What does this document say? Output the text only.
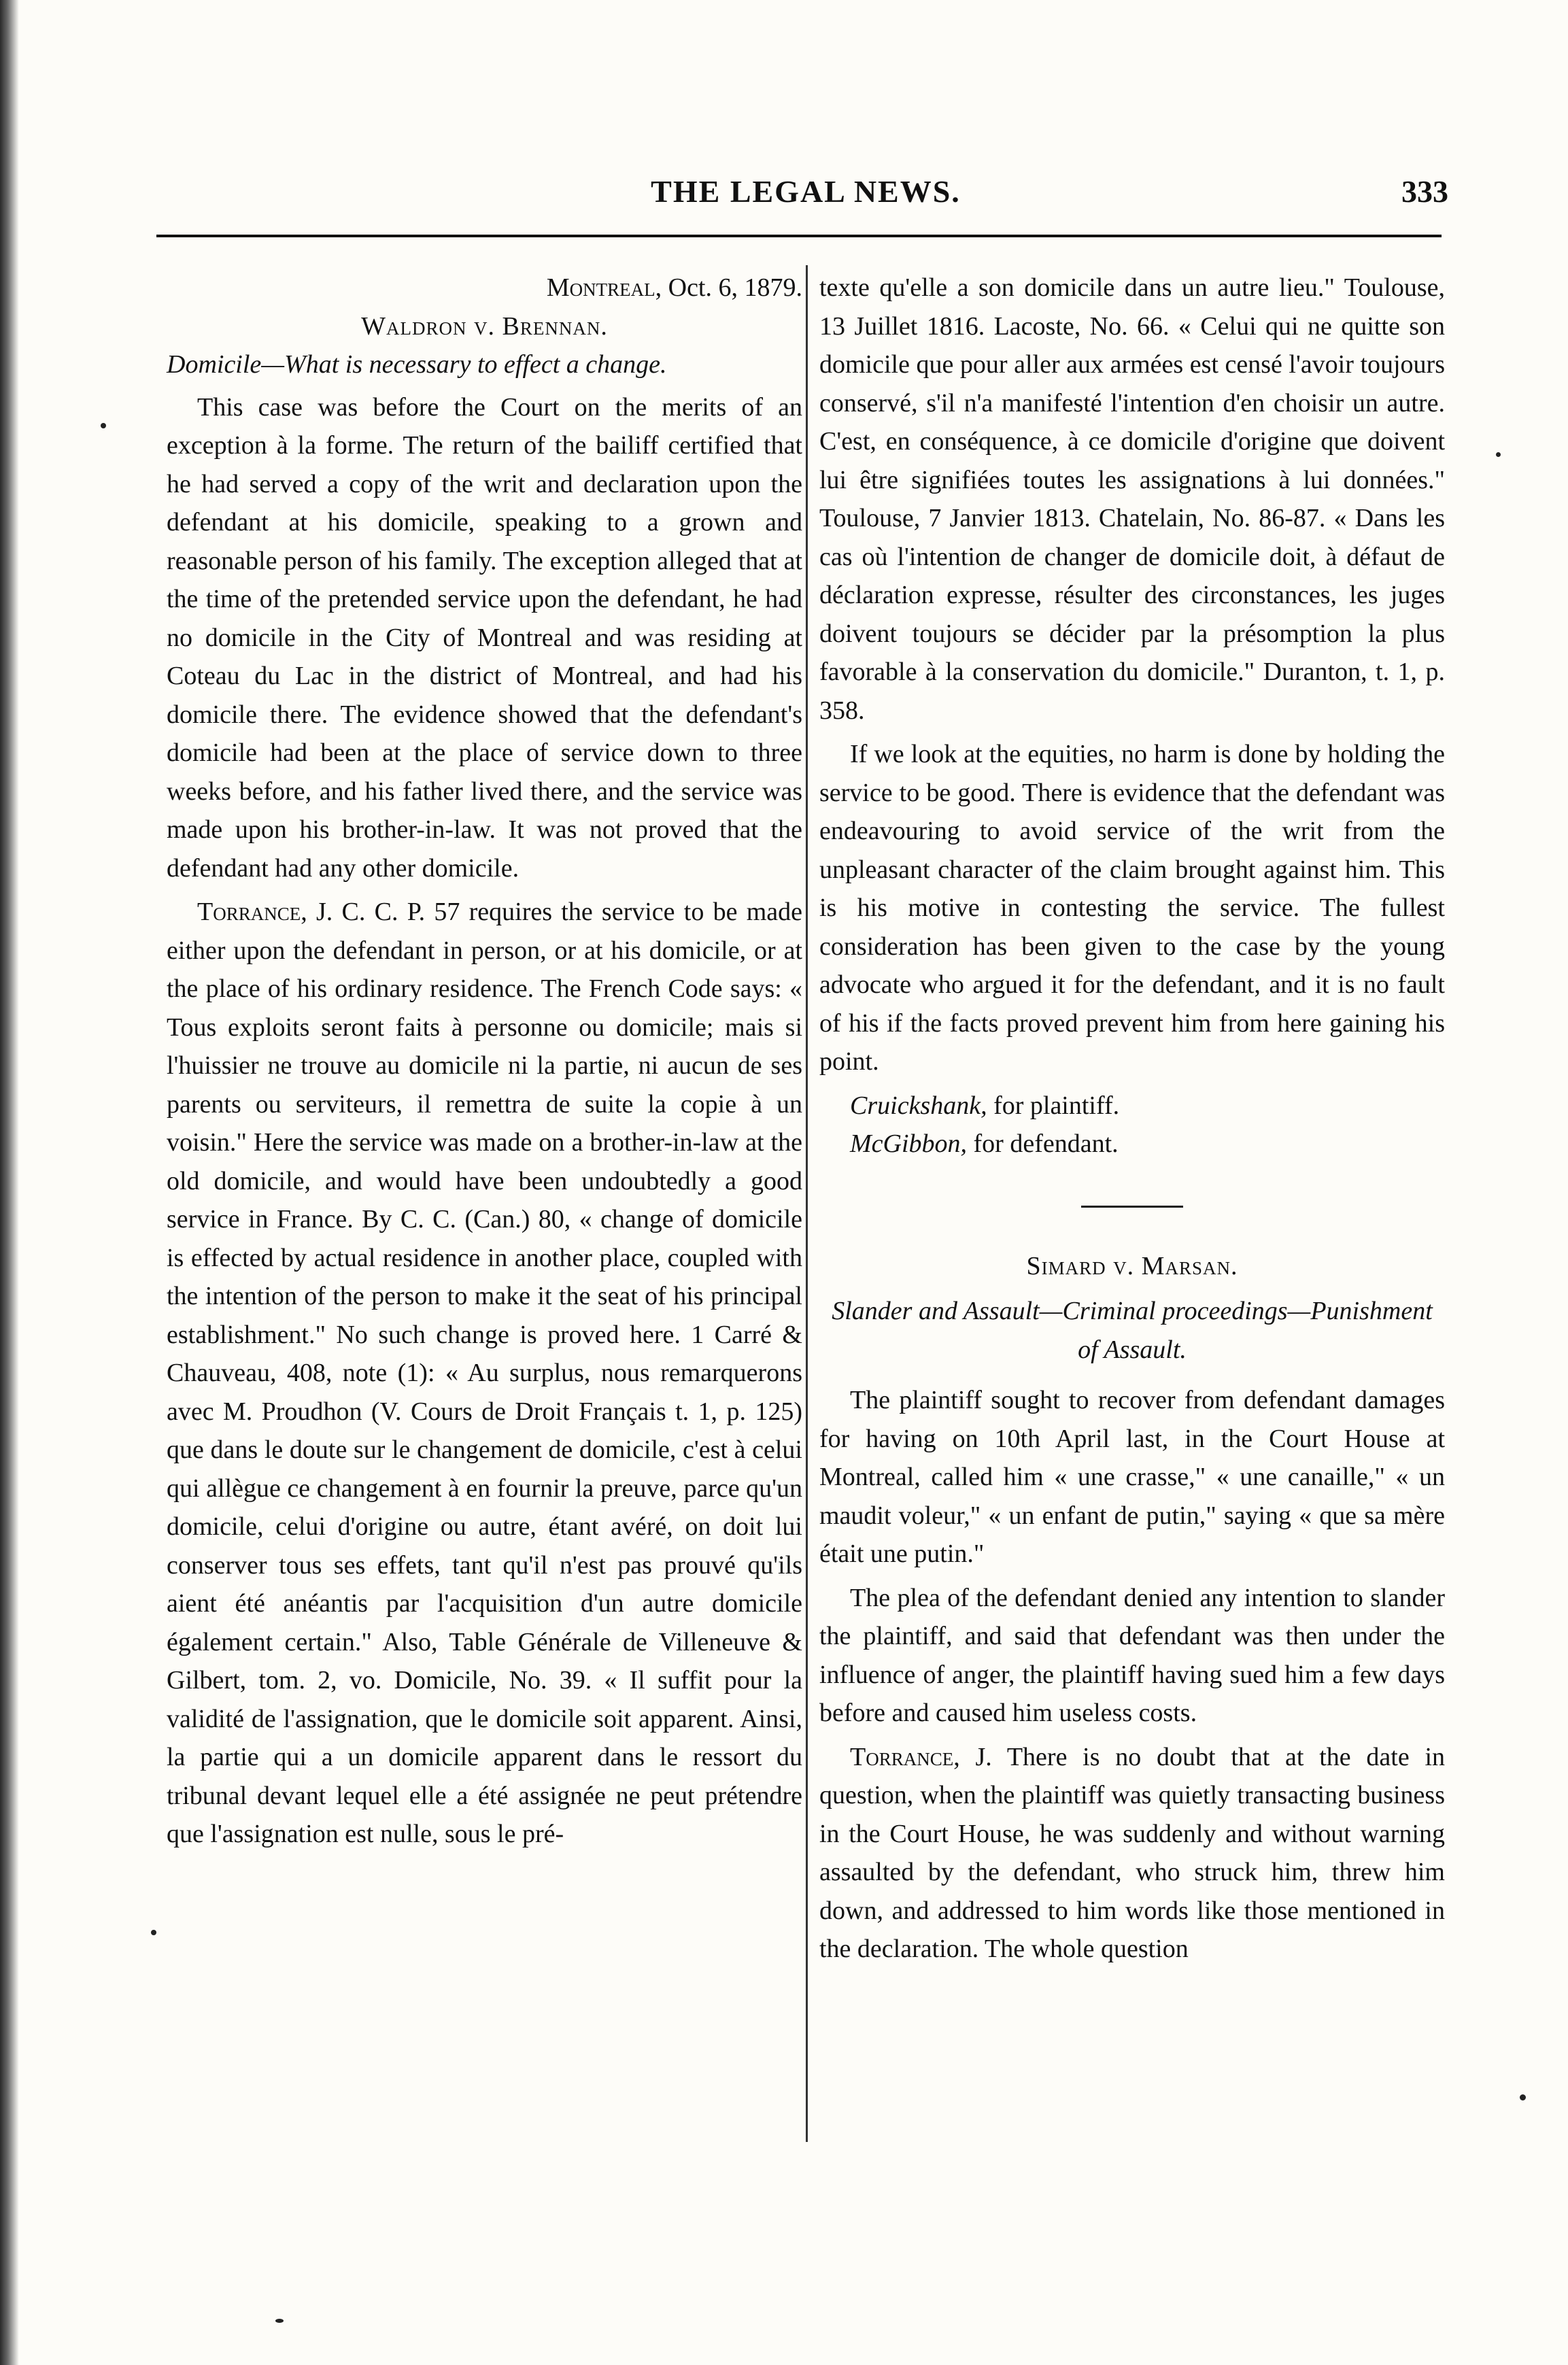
THE LEGAL NEWS.	333

Montreal, Oct. 6, 1879.

Waldron v. Brennan.

Domicile—What is necessary to effect a change.

This case was before the Court on the merits of an exception à la forme. The return of the bailiff certified that he had served a copy of the writ and declaration upon the defendant at his domicile, speaking to a grown and reasonable person of his family. The exception alleged that at the time of the pretended service upon the defendant, he had no domicile in the City of Montreal and was residing at Coteau du Lac in the district of Montreal, and had his domicile there. The evidence showed that the defendant's domicile had been at the place of service down to three weeks before, and his father lived there, and the service was made upon his brother-in-law. It was not proved that the defendant had any other domicile.

Torrance, J. C. C. P. 57 requires the service to be made either upon the defendant in person, or at his domicile, or at the place of his ordinary residence. The French Code says: « Tous exploits seront faits à personne ou domicile; mais si l'huissier ne trouve au domicile ni la partie, ni aucun de ses parents ou serviteurs, il remettra de suite la copie à un voisin." Here the service was made on a brother-in-law at the old domicile, and would have been undoubtedly a good service in France. By C. C. (Can.) 80, « change of domicile is effected by actual residence in another place, coupled with the intention of the person to make it the seat of his principal establishment." No such change is proved here. 1 Carré & Chauveau, 408, note (1): « Au surplus, nous remarquerons avec M. Proudhon (V. Cours de Droit Français t. 1, p. 125) que dans le doute sur le changement de domicile, c'est à celui qui allègue ce changement à en fournir la preuve, parce qu'un domicile, celui d'origine ou autre, étant avéré, on doit lui conserver tous ses effets, tant qu'il n'est pas prouvé qu'ils aient été anéantis par l'acquisition d'un autre domicile également certain." Also, Table Générale de Villeneuve & Gilbert, tom. 2, vo. Domicile, No. 39. « Il suffit pour la validité de l'assignation, que le domicile soit apparent. Ainsi, la partie qui a un domicile apparent dans le ressort du tribunal devant lequel elle a été assignée ne peut prétendre que l'assignation est nulle, sous le pré-

texte qu'elle a son domicile dans un autre lieu." Toulouse, 13 Juillet 1816. Lacoste, No. 66. « Celui qui ne quitte son domicile que pour aller aux armées est censé l'avoir toujours conservé, s'il n'a manifesté l'intention d'en choisir un autre. C'est, en conséquence, à ce domicile d'origine que doivent lui être signifiées toutes les assignations à lui données." Toulouse, 7 Janvier 1813. Chatelain, No. 86-87. « Dans les cas où l'intention de changer de domicile doit, à défaut de déclaration expresse, résulter des circonstances, les juges doivent toujours se décider par la présomption la plus favorable à la conservation du domicile." Duranton, t. 1, p. 358.

If we look at the equities, no harm is done by holding the service to be good. There is evidence that the defendant was endeavouring to avoid service of the writ from the unpleasant character of the claim brought against him. This is his motive in contesting the service. The fullest consideration has been given to the case by the young advocate who argued it for the defendant, and it is no fault of his if the facts proved prevent him from here gaining his point.

Cruickshank, for plaintiff.

McGibbon, for defendant.

Simard v. Marsan.

Slander and Assault—Criminal proceedings—Punishment of Assault.

The plaintiff sought to recover from defendant damages for having on 10th April last, in the Court House at Montreal, called him « une crasse," « une canaille," « un maudit voleur," « un enfant de putin," saying « que sa mère était une putin."

The plea of the defendant denied any intention to slander the plaintiff, and said that defendant was then under the influence of anger, the plaintiff having sued him a few days before and caused him useless costs.

Torrance, J. There is no doubt that at the date in question, when the plaintiff was quietly transacting business in the Court House, he was suddenly and without warning assaulted by the defendant, who struck him, threw him down, and addressed to him words like those mentioned in the declaration. The whole question
